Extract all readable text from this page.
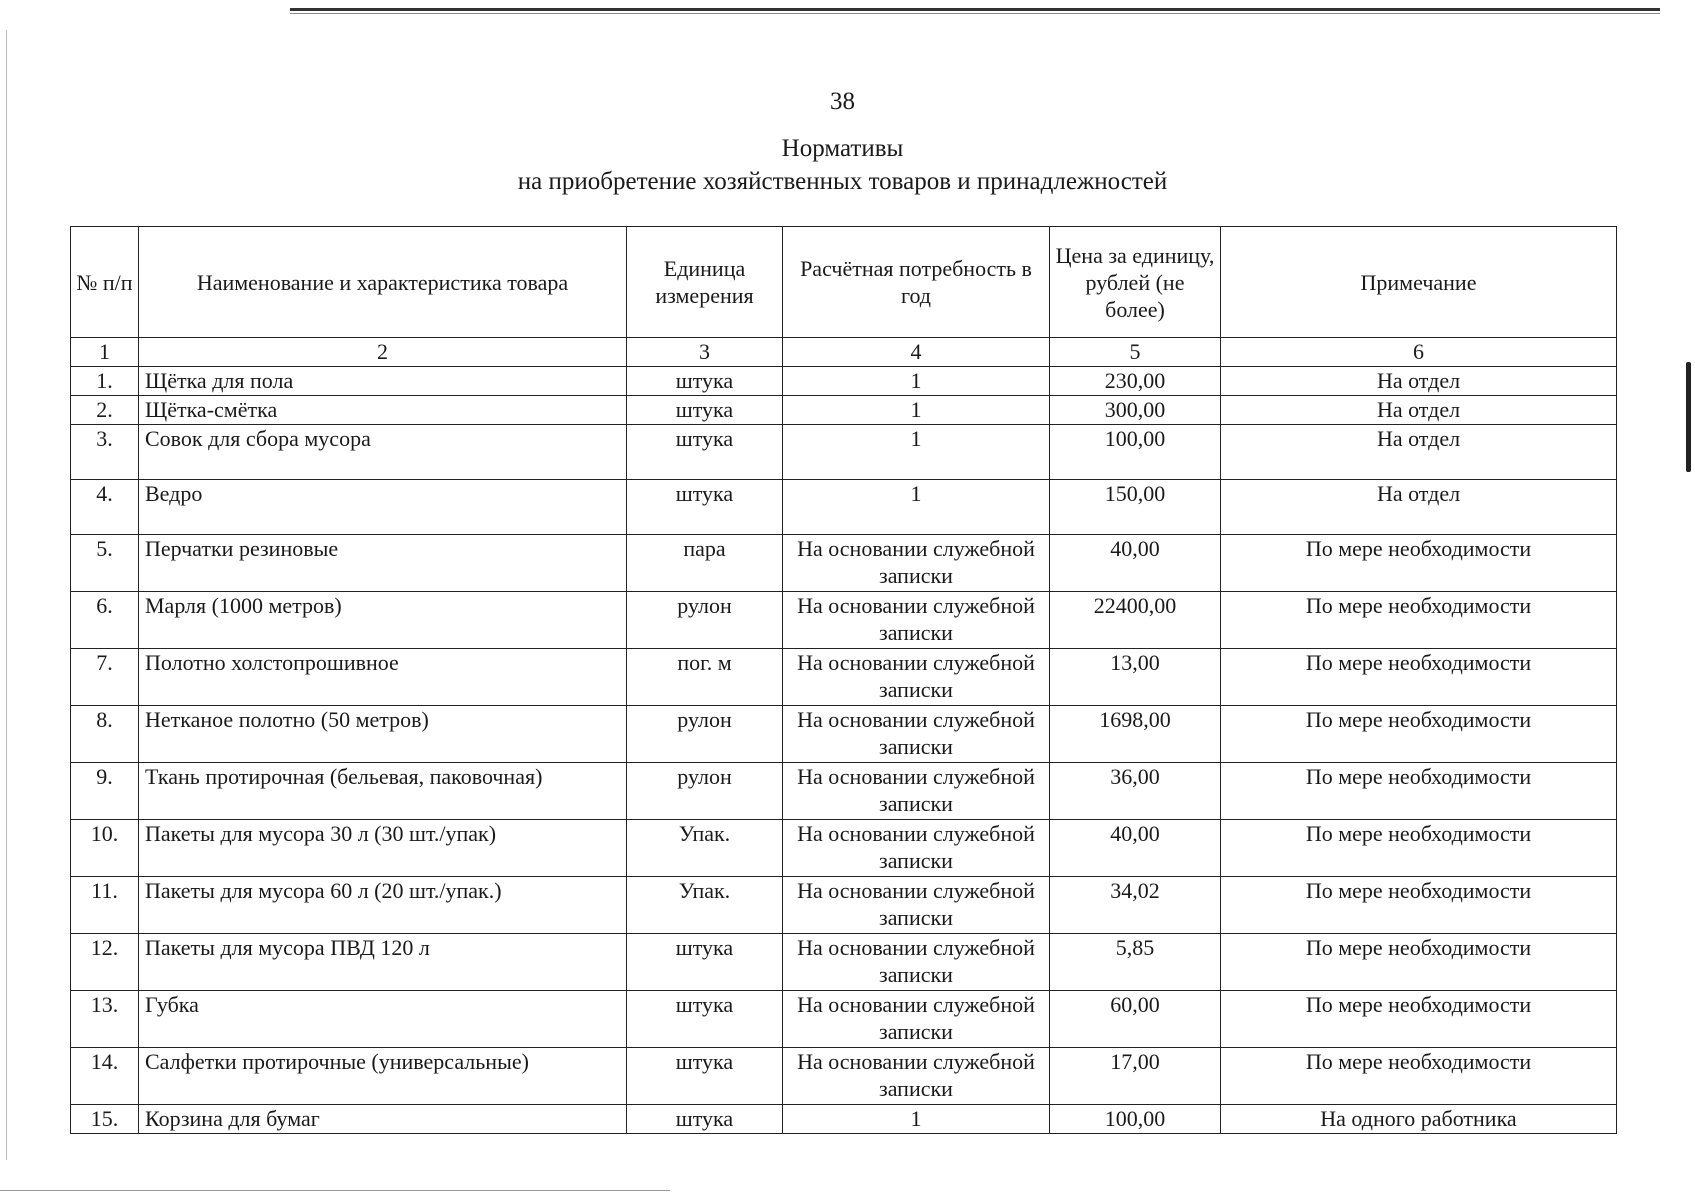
38
Нормативы
на приобретение хозяйственных товаров и принадлежностей
№ п/п	Наименование и характеристика товара	Единица измерения	Расчётная потребность в год	Цена за единицу, рублей (не более)	Примечание
1	2	3	4	5	6
1.	Щётка для пола	штука	1	230,00	На отдел
2.	Щётка-смётка	штука	1	300,00	На отдел
3.	Совок для сбора мусора	штука	1	100,00	На отдел
4.	Ведро	штука	1	150,00	На отдел
5.	Перчатки резиновые	пара	На основании служебной записки	40,00	По мере необходимости
6.	Марля (1000 метров)	рулон	На основании служебной записки	22400,00	По мере необходимости
7.	Полотно холстопрошивное	пог. м	На основании служебной записки	13,00	По мере необходимости
8.	Нетканое полотно (50 метров)	рулон	На основании служебной записки	1698,00	По мере необходимости
9.	Ткань протирочная (бельевая, паковочная)	рулон	На основании служебной записки	36,00	По мере необходимости
10.	Пакеты для мусора 30 л (30 шт./упак)	Упак.	На основании служебной записки	40,00	По мере необходимости
11.	Пакеты для мусора 60 л (20 шт./упак.)	Упак.	На основании служебной записки	34,02	По мере необходимости
12.	Пакеты для мусора ПВД 120 л	штука	На основании служебной записки	5,85	По мере необходимости
13.	Губка	штука	На основании служебной записки	60,00	По мере необходимости
14.	Салфетки протирочные (универсальные)	штука	На основании служебной записки	17,00	По мере необходимости
15.	Корзина для бумаг	штука	1	100,00	На одного работника
